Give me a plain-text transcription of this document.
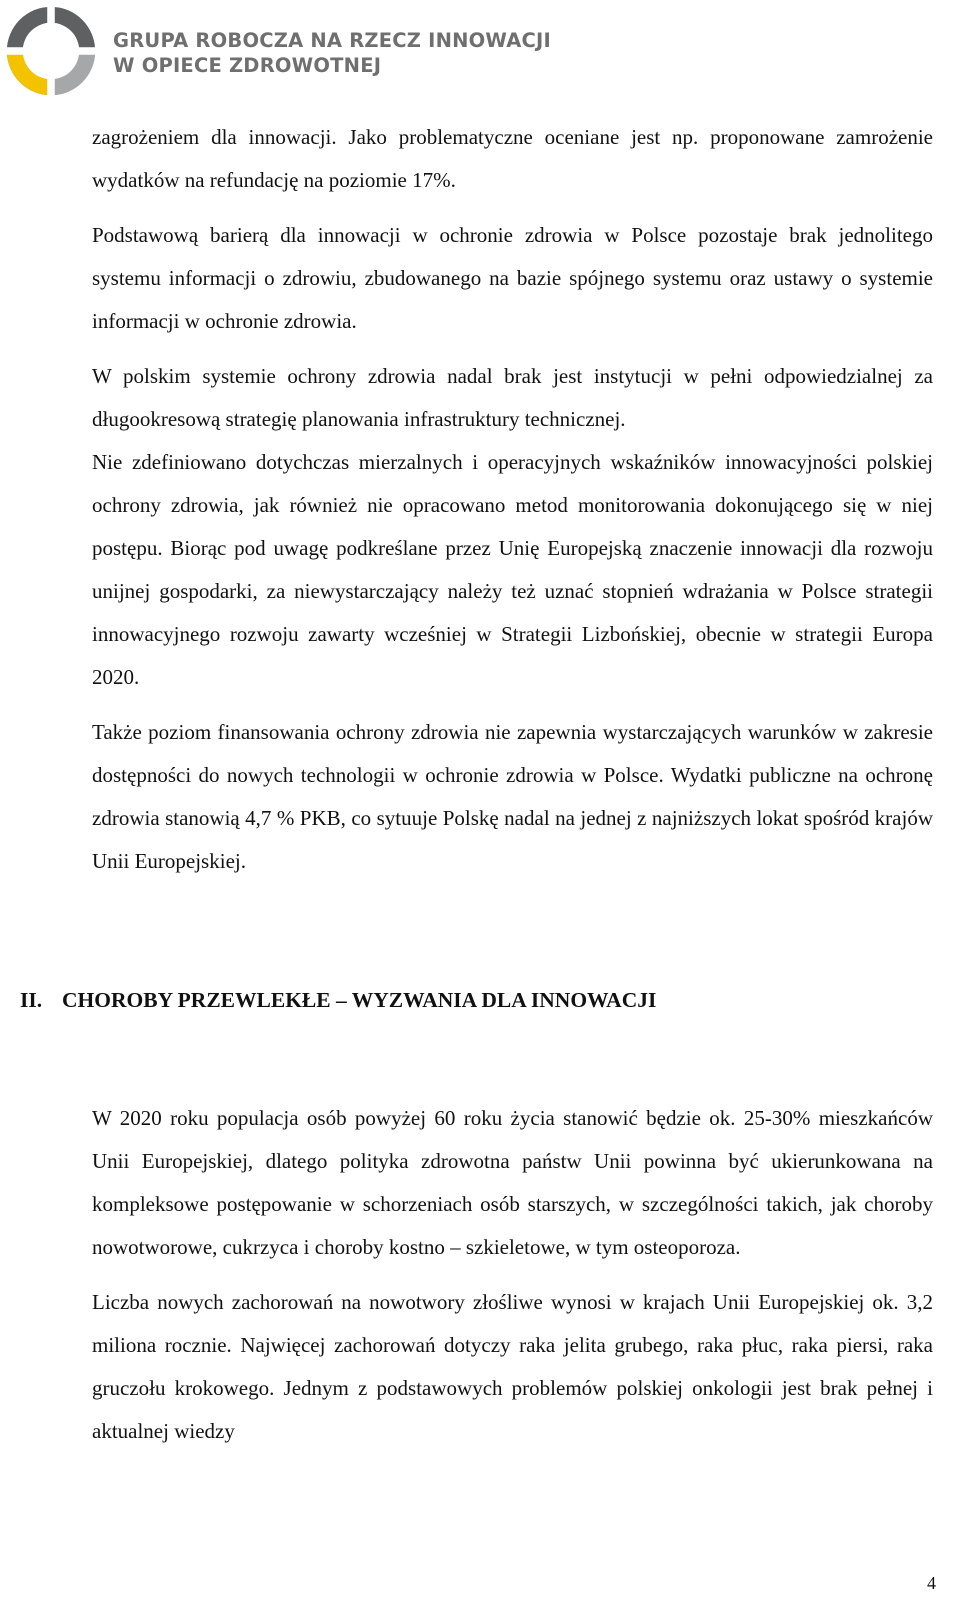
GRUPA ROBOCZA NA RZECZ INNOWACJI
W OPIECE ZDROWOTNEJ

zagrożeniem dla innowacji. Jako problematyczne oceniane jest np. proponowane zamrożenie wydatków na refundację na poziomie 17%.

Podstawową barierą dla innowacji w ochronie zdrowia w Polsce pozostaje brak jednolitego systemu informacji o zdrowiu, zbudowanego na bazie spójnego systemu oraz ustawy o systemie informacji w ochronie zdrowia.

W polskim systemie ochrony zdrowia nadal brak jest instytucji w pełni odpowiedzialnej za długookresową strategię planowania infrastruktury technicznej.

Nie zdefiniowano dotychczas mierzalnych i operacyjnych wskaźników innowacyjności polskiej ochrony zdrowia, jak również nie opracowano metod monitorowania dokonującego się w niej postępu. Biorąc pod uwagę podkreślane przez Unię Europejską znaczenie innowacji dla rozwoju unijnej gospodarki, za niewystarczający należy też uznać stopnień wdrażania w Polsce strategii innowacyjnego rozwoju zawarty wcześniej w Strategii Lizbońskiej, obecnie w strategii Europa 2020.

Także poziom finansowania ochrony zdrowia nie zapewnia wystarczających warunków w zakresie dostępności do nowych technologii w ochronie zdrowia w Polsce. Wydatki publiczne na ochronę zdrowia stanowią 4,7 % PKB, co sytuuje Polskę nadal na jednej z najniższych lokat spośród krajów Unii Europejskiej.

II. CHOROBY PRZEWLEKŁE – WYZWANIA DLA INNOWACJI

W 2020 roku populacja osób powyżej 60 roku życia stanowić będzie ok. 25-30% mieszkańców Unii Europejskiej, dlatego polityka zdrowotna państw Unii powinna być ukierunkowana na kompleksowe postępowanie w schorzeniach osób starszych, w szczególności takich, jak choroby nowotworowe, cukrzyca i choroby kostno – szkieletowe, w tym osteoporoza.

Liczba nowych zachorowań na nowotwory złośliwe wynosi w krajach Unii Europejskiej ok. 3,2 miliona rocznie. Najwięcej zachorowań dotyczy raka jelita grubego, raka płuc, raka piersi, raka gruczołu krokowego. Jednym z podstawowych problemów polskiej onkologii jest brak pełnej i aktualnej wiedzy

4
